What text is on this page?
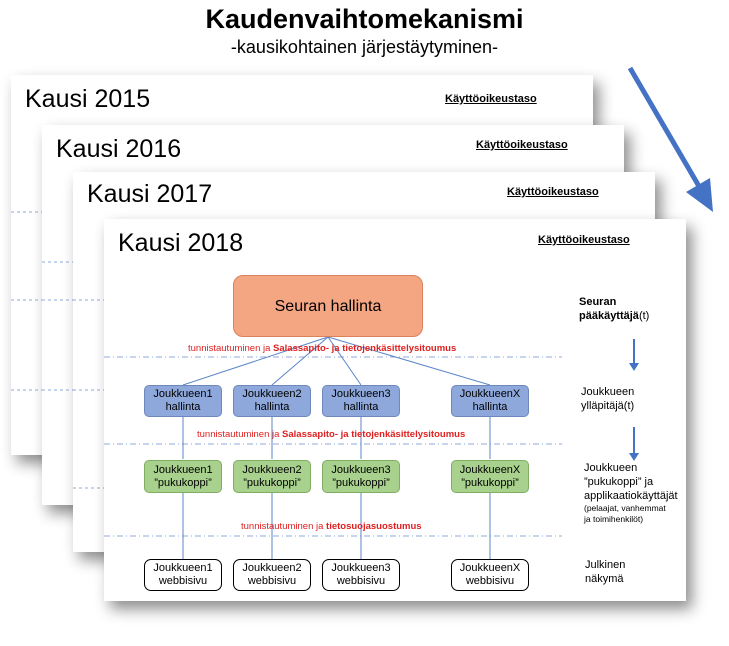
Kaudenvaihtomekanismi
-kausikohtainen järjestäytyminen-
Kausi 2015	Käyttöoikeustaso
Kausi 2016	Käyttöoikeustaso
Kausi 2017	Käyttöoikeustaso
Kausi 2018	Käyttöoikeustaso
Seuran hallinta
tunnistautuminen ja Salassapito- ja tietojenkäsittelysitoumus
tunnistautuminen ja Salassapito- ja tietojenkäsittelysitoumus
tunnistautuminen ja tietosuojasuostumus
Joukkueen1
hallinta
Joukkueen2
hallinta
Joukkueen3
hallinta
JoukkueenX
hallinta
Joukkueen1
”pukukoppi”
Joukkueen2
”pukukoppi”
Joukkueen3
”pukukoppi”
JoukkueenX
”pukukoppi”
Joukkueen1
webbisivu
Joukkueen2
webbisivu
Joukkueen3
webbisivu
JoukkueenX
webbisivu
Seuran pääkäyttäjä(t)
Joukkueen
ylläpitäjä(t)
Joukkueen
”pukukoppi” ja
applikaatiokäyttäjät
(pelaajat, vanhemmat
ja toimihenkilöt)
Julkinen
näkymä
